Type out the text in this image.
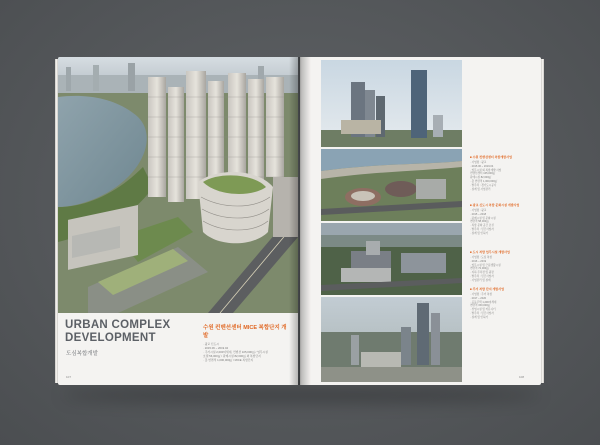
URBAN COMPLEX
DEVELOPMENT
도심복합개발
수원 컨벤션센터 MICE 복합단지 개발
· 광교 신도시
· 2015.06 ~ 2019.04
· 주거시설 2,000여세대, 컨벤션 105,000㎡ / 업무시설
호텔 56,000㎡ / 판매시설 82,000㎡ 외 복합단지
· 총 연면적 1,000,000㎡ / MICE 복합단지
107
■ 수원 컨벤션센터 복합개발사업
· 사업명 : 광교
· 2015.06 ~ 2019.04
· 업무시설 외 복합개발 사업
컨벤션센터 105,000㎡
판매시설 82,000㎡
· 총 연면적 1,000,000㎡
· 발주처 : 경기도시공사
· 설계 및 사업관리
■ 광교 신도시 복합 문화시설 개발사업
· 사업명 : 광교
· 2015 ~ 2018
· 판매시설 및 문화시설
연면적 58,000㎡
· 복합 문화 공간 조성
· 발주처 : 민간사업자
· 설계 및 인허가
■ 도시 복합 업무시설 개발사업
· 사업명 : 도심 복합
· 2016 ~ 2019
· 업무시설 및 근린생활시설
연면적 72,000㎡
· 지하 주차장 및 광장
· 발주처 : 민간사업자
· 사업관리 및 설계
■ 주거 복합 단지 개발사업
· 사업명 : 주거 복합
· 2017 ~ 2020
· 공동주택 1,200여세대
연면적 150,000㎡
· 상업시설 및 커뮤니티
· 발주처 : 민간사업자
· 설계 및 인허가
108
